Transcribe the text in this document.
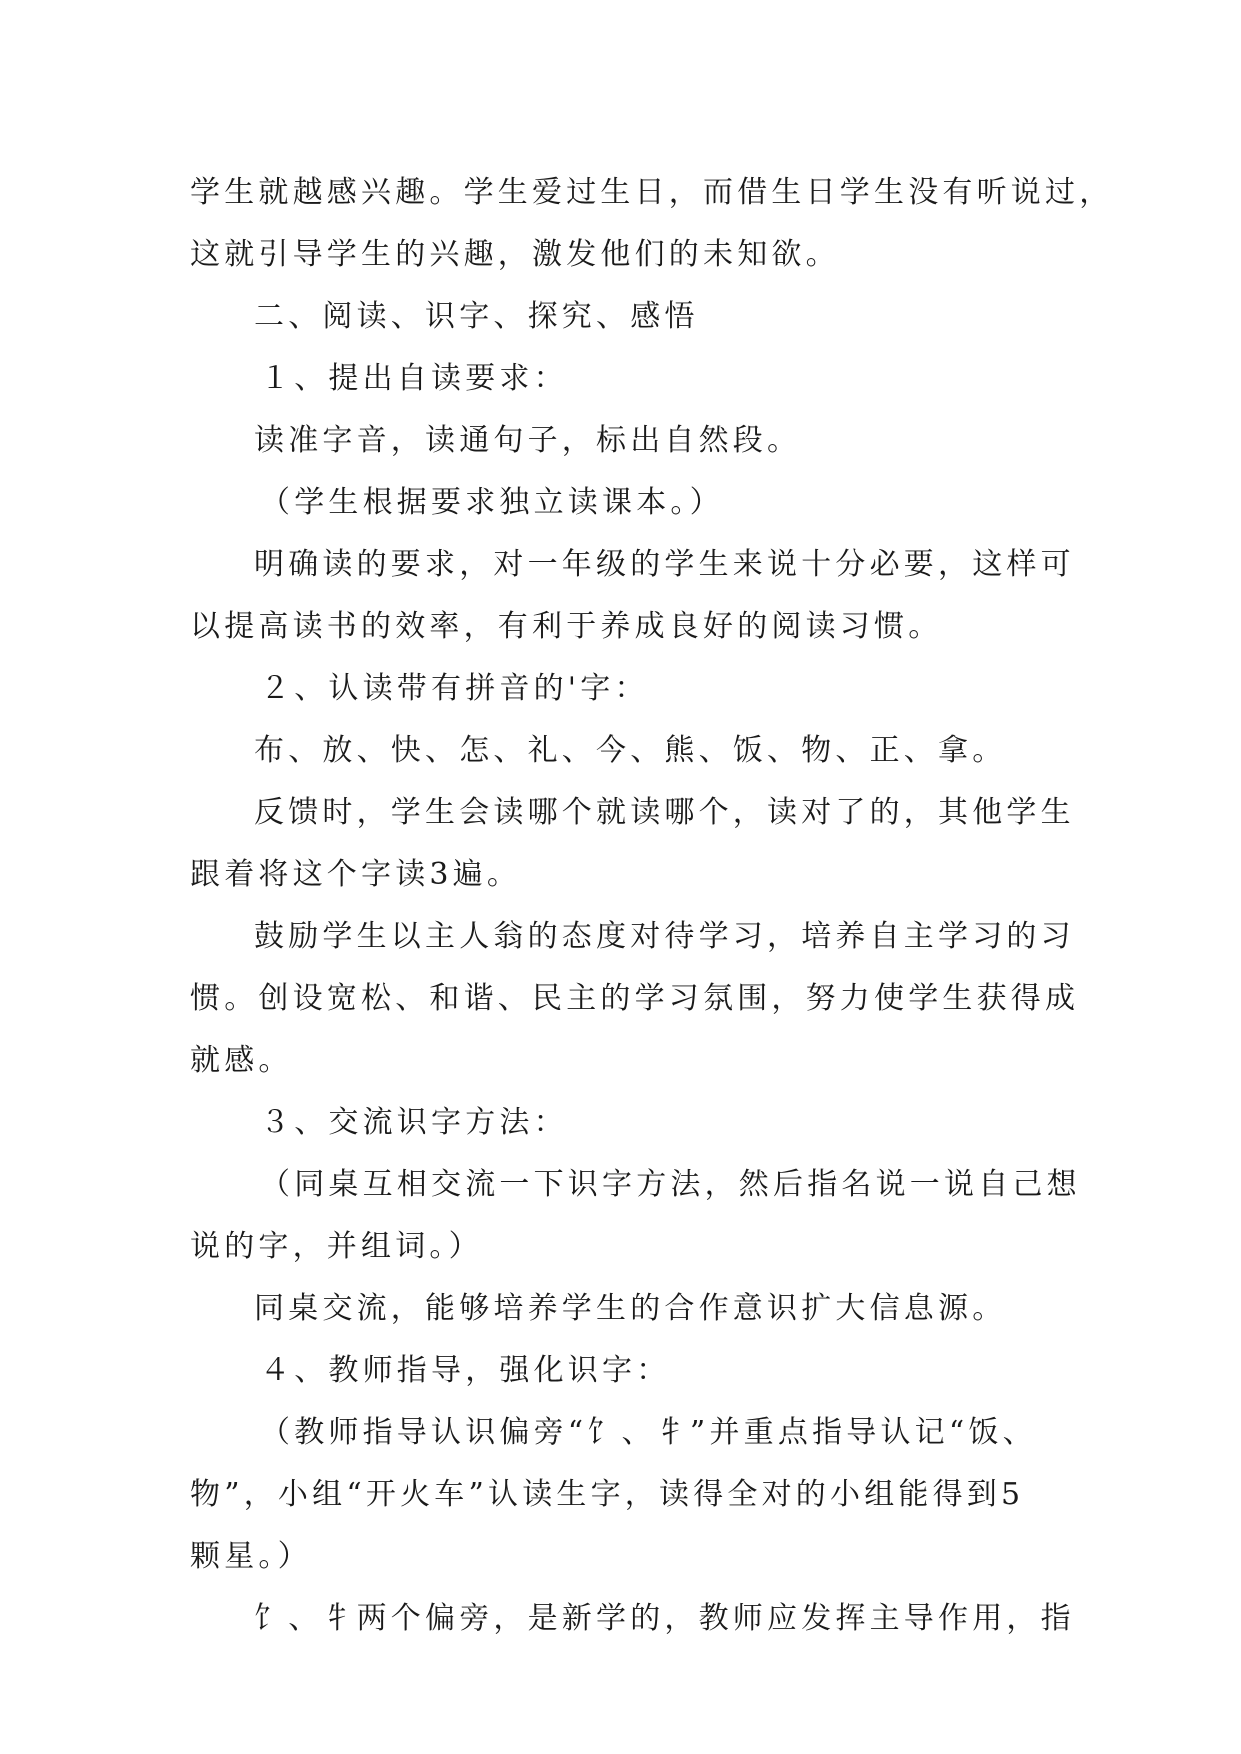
学生就越感兴趣。学生爱过生日，而借生日学生没有听说过，
这就引导学生的兴趣，激发他们的未知欲。
二、阅读、识字、探究、感悟
１、提出自读要求：
读准字音，读通句子，标出自然段。
（学生根据要求独立读课本。）
明确读的要求，对一年级的学生来说十分必要，这样可
以提高读书的效率，有利于养成良好的阅读习惯。
２、认读带有拼音的'字：
布、放、快、怎、礼、今、熊、饭、物、正、拿。
反馈时，学生会读哪个就读哪个，读对了的，其他学生
跟着将这个字读3遍。
鼓励学生以主人翁的态度对待学习，培养自主学习的习
惯。创设宽松、和谐、民主的学习氛围，努力使学生获得成
就感。
３、交流识字方法：
（同桌互相交流一下识字方法，然后指名说一说自己想
说的字，并组词。）
同桌交流，能够培养学生的合作意识扩大信息源。
４、教师指导，强化识字：
（教师指导认识偏旁“饣、牜”并重点指导认记“饭、
物”，小组“开火车”认读生字，读得全对的小组能得到5
颗星。）
饣、牜两个偏旁，是新学的，教师应发挥主导作用，指
